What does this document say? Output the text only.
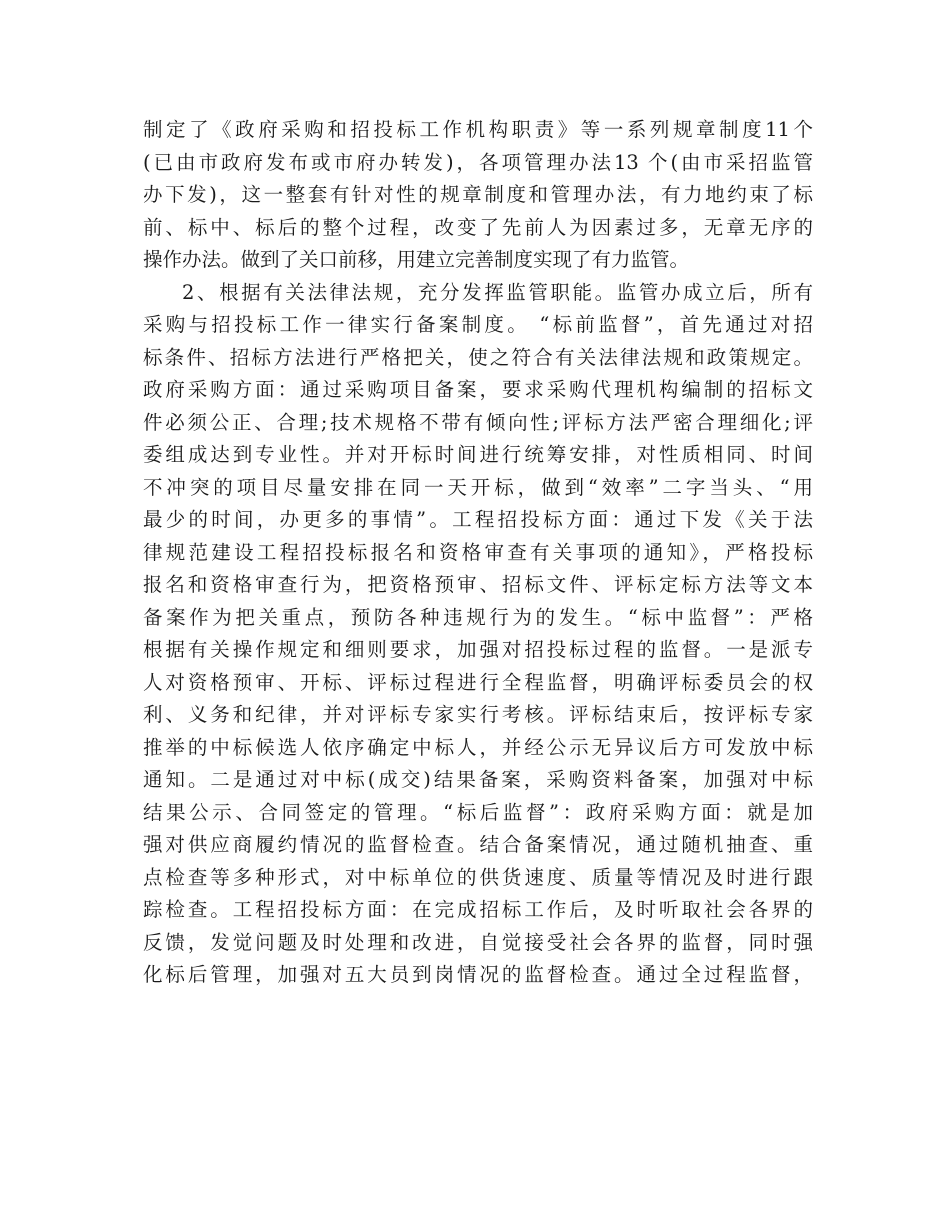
制定了《政府采购和招投标工作机构职责》等一系列规章制度11个
(已由市政府发布或市府办转发)，各项管理办法13 个(由市采招监管
办下发)，这一整套有针对性的规章制度和管理办法，有力地约束了标
前、标中、标后的整个过程，改变了先前人为因素过多，无章无序的
操作办法。做到了关口前移，用建立完善制度实现了有力监管。
2、根据有关法律法规，充分发挥监管职能。监管办成立后，所有
采购与招投标工作一律实行备案制度。 “标前监督”，首先通过对招
标条件、招标方法进行严格把关，使之符合有关法律法规和政策规定。
政府采购方面：通过采购项目备案，要求采购代理机构编制的招标文
件必须公正、合理;技术规格不带有倾向性;评标方法严密合理细化;评
委组成达到专业性。并对开标时间进行统筹安排，对性质相同、时间
不冲突的项目尽量安排在同一天开标，做到“效率”二字当头、“用
最少的时间，办更多的事情”。工程招投标方面：通过下发《关于法
律规范建设工程招投标报名和资格审查有关事项的通知》，严格投标
报名和资格审查行为，把资格预审、招标文件、评标定标方法等文本
备案作为把关重点，预防各种违规行为的发生。“标中监督”：严格
根据有关操作规定和细则要求，加强对招投标过程的监督。一是派专
人对资格预审、开标、评标过程进行全程监督，明确评标委员会的权
利、义务和纪律，并对评标专家实行考核。评标结束后，按评标专家
推举的中标候选人依序确定中标人，并经公示无异议后方可发放中标
通知。二是通过对中标(成交)结果备案，采购资料备案，加强对中标
结果公示、合同签定的管理。“标后监督”：政府采购方面：就是加
强对供应商履约情况的监督检查。结合备案情况，通过随机抽查、重
点检查等多种形式，对中标单位的供货速度、质量等情况及时进行跟
踪检查。工程招投标方面：在完成招标工作后，及时听取社会各界的
反馈，发觉问题及时处理和改进，自觉接受社会各界的监督，同时强
化标后管理，加强对五大员到岗情况的监督检查。通过全过程监督，
